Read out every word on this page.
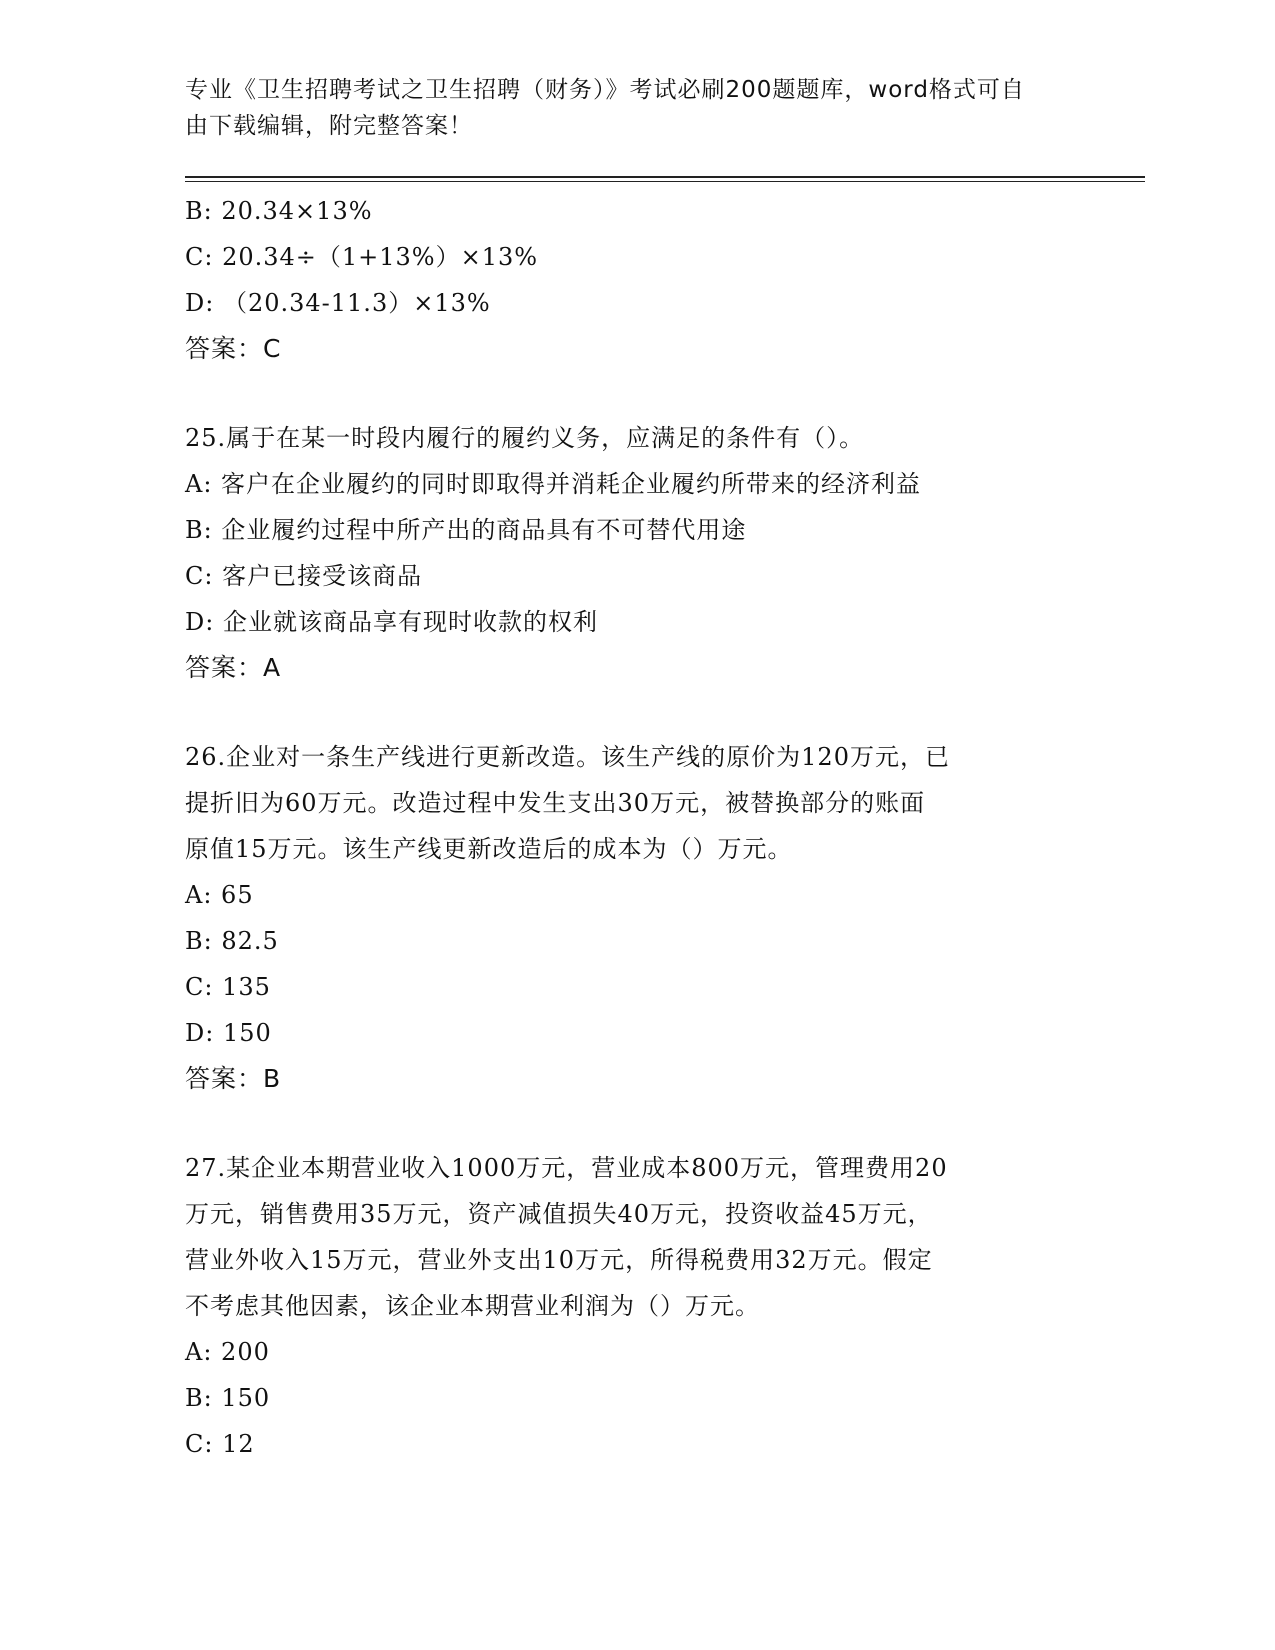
专业《卫生招聘考试之卫生招聘（财务）》考试必刷200题题库，word格式可自
由下载编辑，附完整答案！
B: 20.34×13%
C: 20.34÷（1+13%）×13%
D: （20.34-11.3）×13%
答案：C
25.属于在某一时段内履行的履约义务，应满足的条件有（）。
A: 客户在企业履约的同时即取得并消耗企业履约所带来的经济利益
B: 企业履约过程中所产出的商品具有不可替代用途
C: 客户已接受该商品
D: 企业就该商品享有现时收款的权利
答案：A
26.企业对一条生产线进行更新改造。该生产线的原价为120万元，已
提折旧为60万元。改造过程中发生支出30万元，被替换部分的账面
原值15万元。该生产线更新改造后的成本为（）万元。
A: 65
B: 82.5
C: 135
D: 150
答案：B
27.某企业本期营业收入1000万元，营业成本800万元，管理费用20
万元，销售费用35万元，资产减值损失40万元，投资收益45万元，
营业外收入15万元，营业外支出10万元，所得税费用32万元。假定
不考虑其他因素，该企业本期营业利润为（）万元。
A: 200
B: 150
C: 12
